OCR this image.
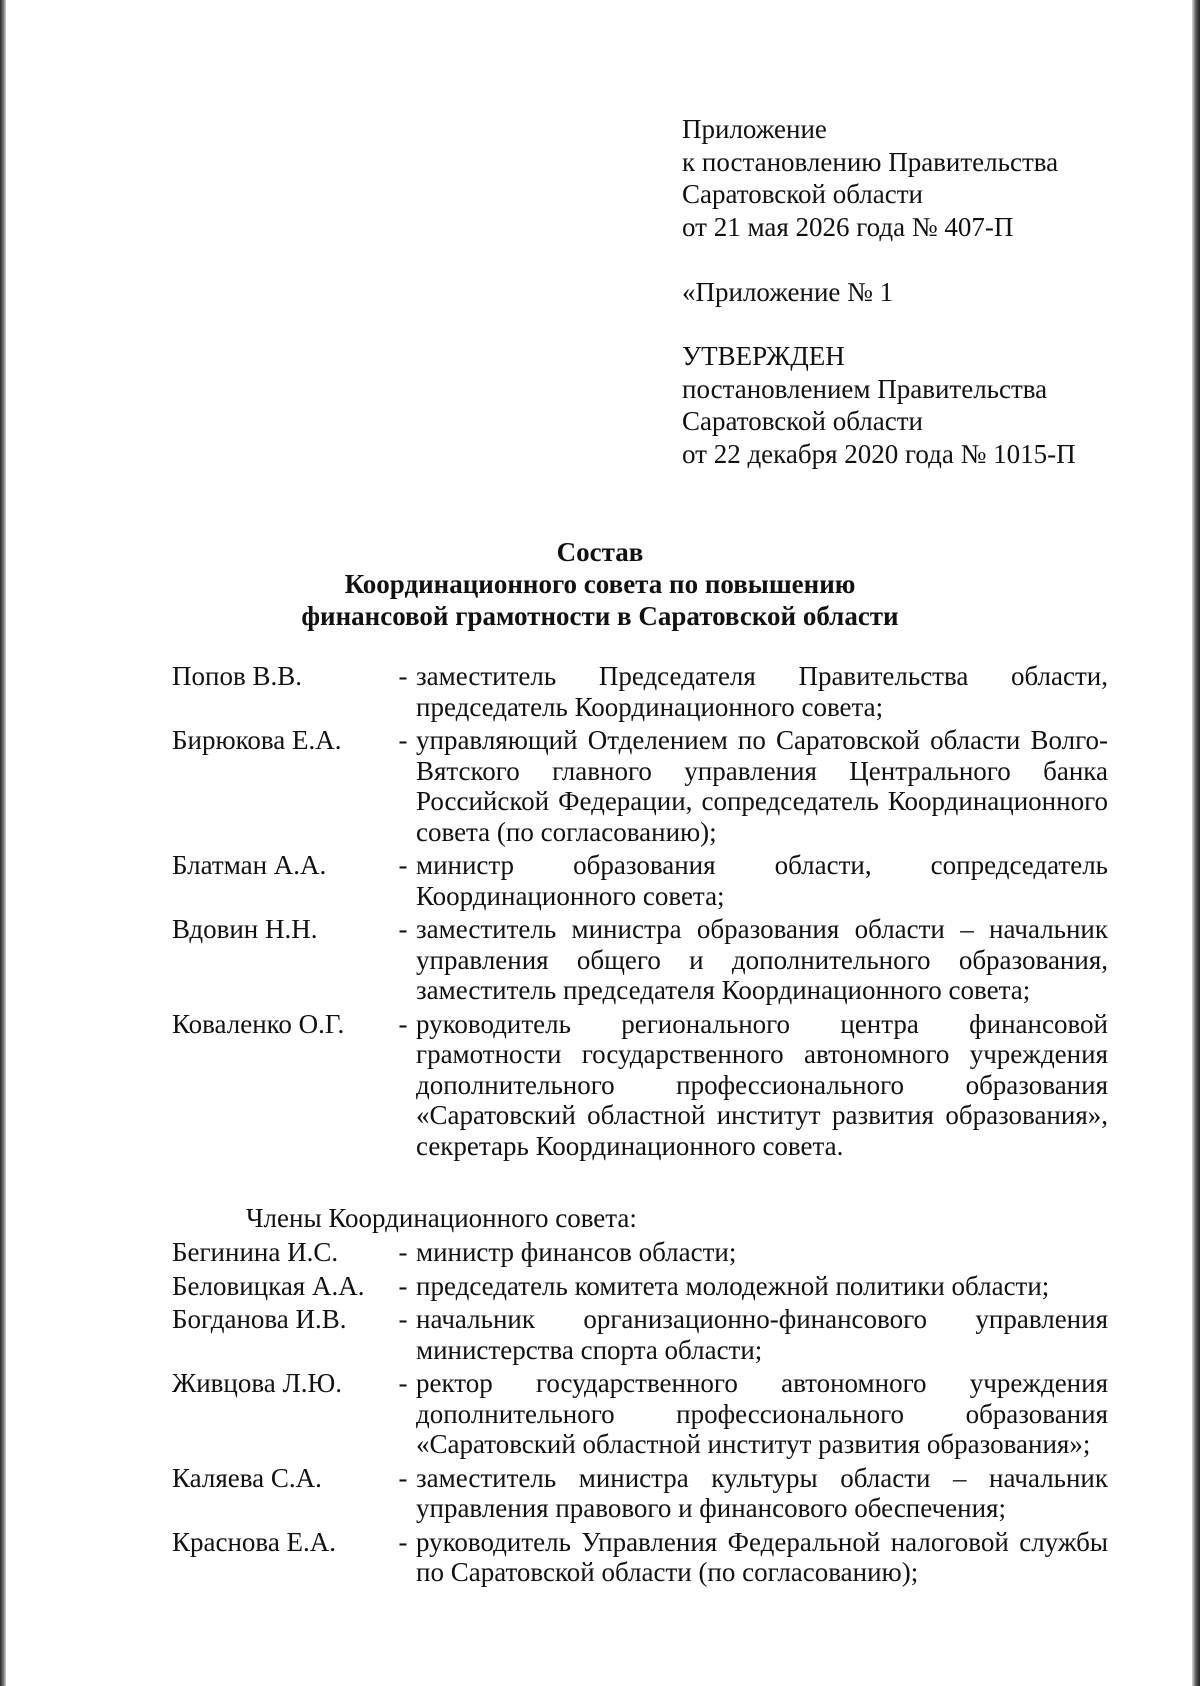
Приложение
к постановлению Правительства
Саратовской области
от 21 мая 2026 года № 407-П
«Приложение № 1
УТВЕРЖДЕН
постановлением Правительства
Саратовской области
от 22 декабря 2020 года № 1015-П
Состав
Координационного совета по повышению
финансовой грамотности в Саратовской области
Попов В.В.	- заместитель Председателя Правительства области, председатель Координационного совета;
Бирюкова Е.А.	- управляющий Отделением по Саратовской области Волго-Вятского главного управления Центрального банка Российской Федерации, сопредседатель Координационного совета (по согласованию);
Блатман А.А.	- министр образования области, сопредседатель Координационного совета;
Вдовин Н.Н.	- заместитель министра образования области – начальник управления общего и дополнительного образования, заместитель председателя Координационного совета;
Коваленко О.Г.	- руководитель регионального центра финансовой грамотности государственного автономного учреждения дополнительного профессионального образования «Саратовский областной институт развития образования», секретарь Координационного совета.
Члены Координационного совета:
Бегинина И.С.	- министр финансов области;
Беловицкая А.А.	- председатель комитета молодежной политики области;
Богданова И.В.	- начальник организационно-финансового управления министерства спорта области;
Живцова Л.Ю.	- ректор государственного автономного учреждения дополнительного профессионального образования «Саратовский областной институт развития образования»;
Каляева С.А.	- заместитель министра культуры области – начальник управления правового и финансового обеспечения;
Краснова Е.А.	- руководитель Управления Федеральной налоговой службы по Саратовской области (по согласованию);
